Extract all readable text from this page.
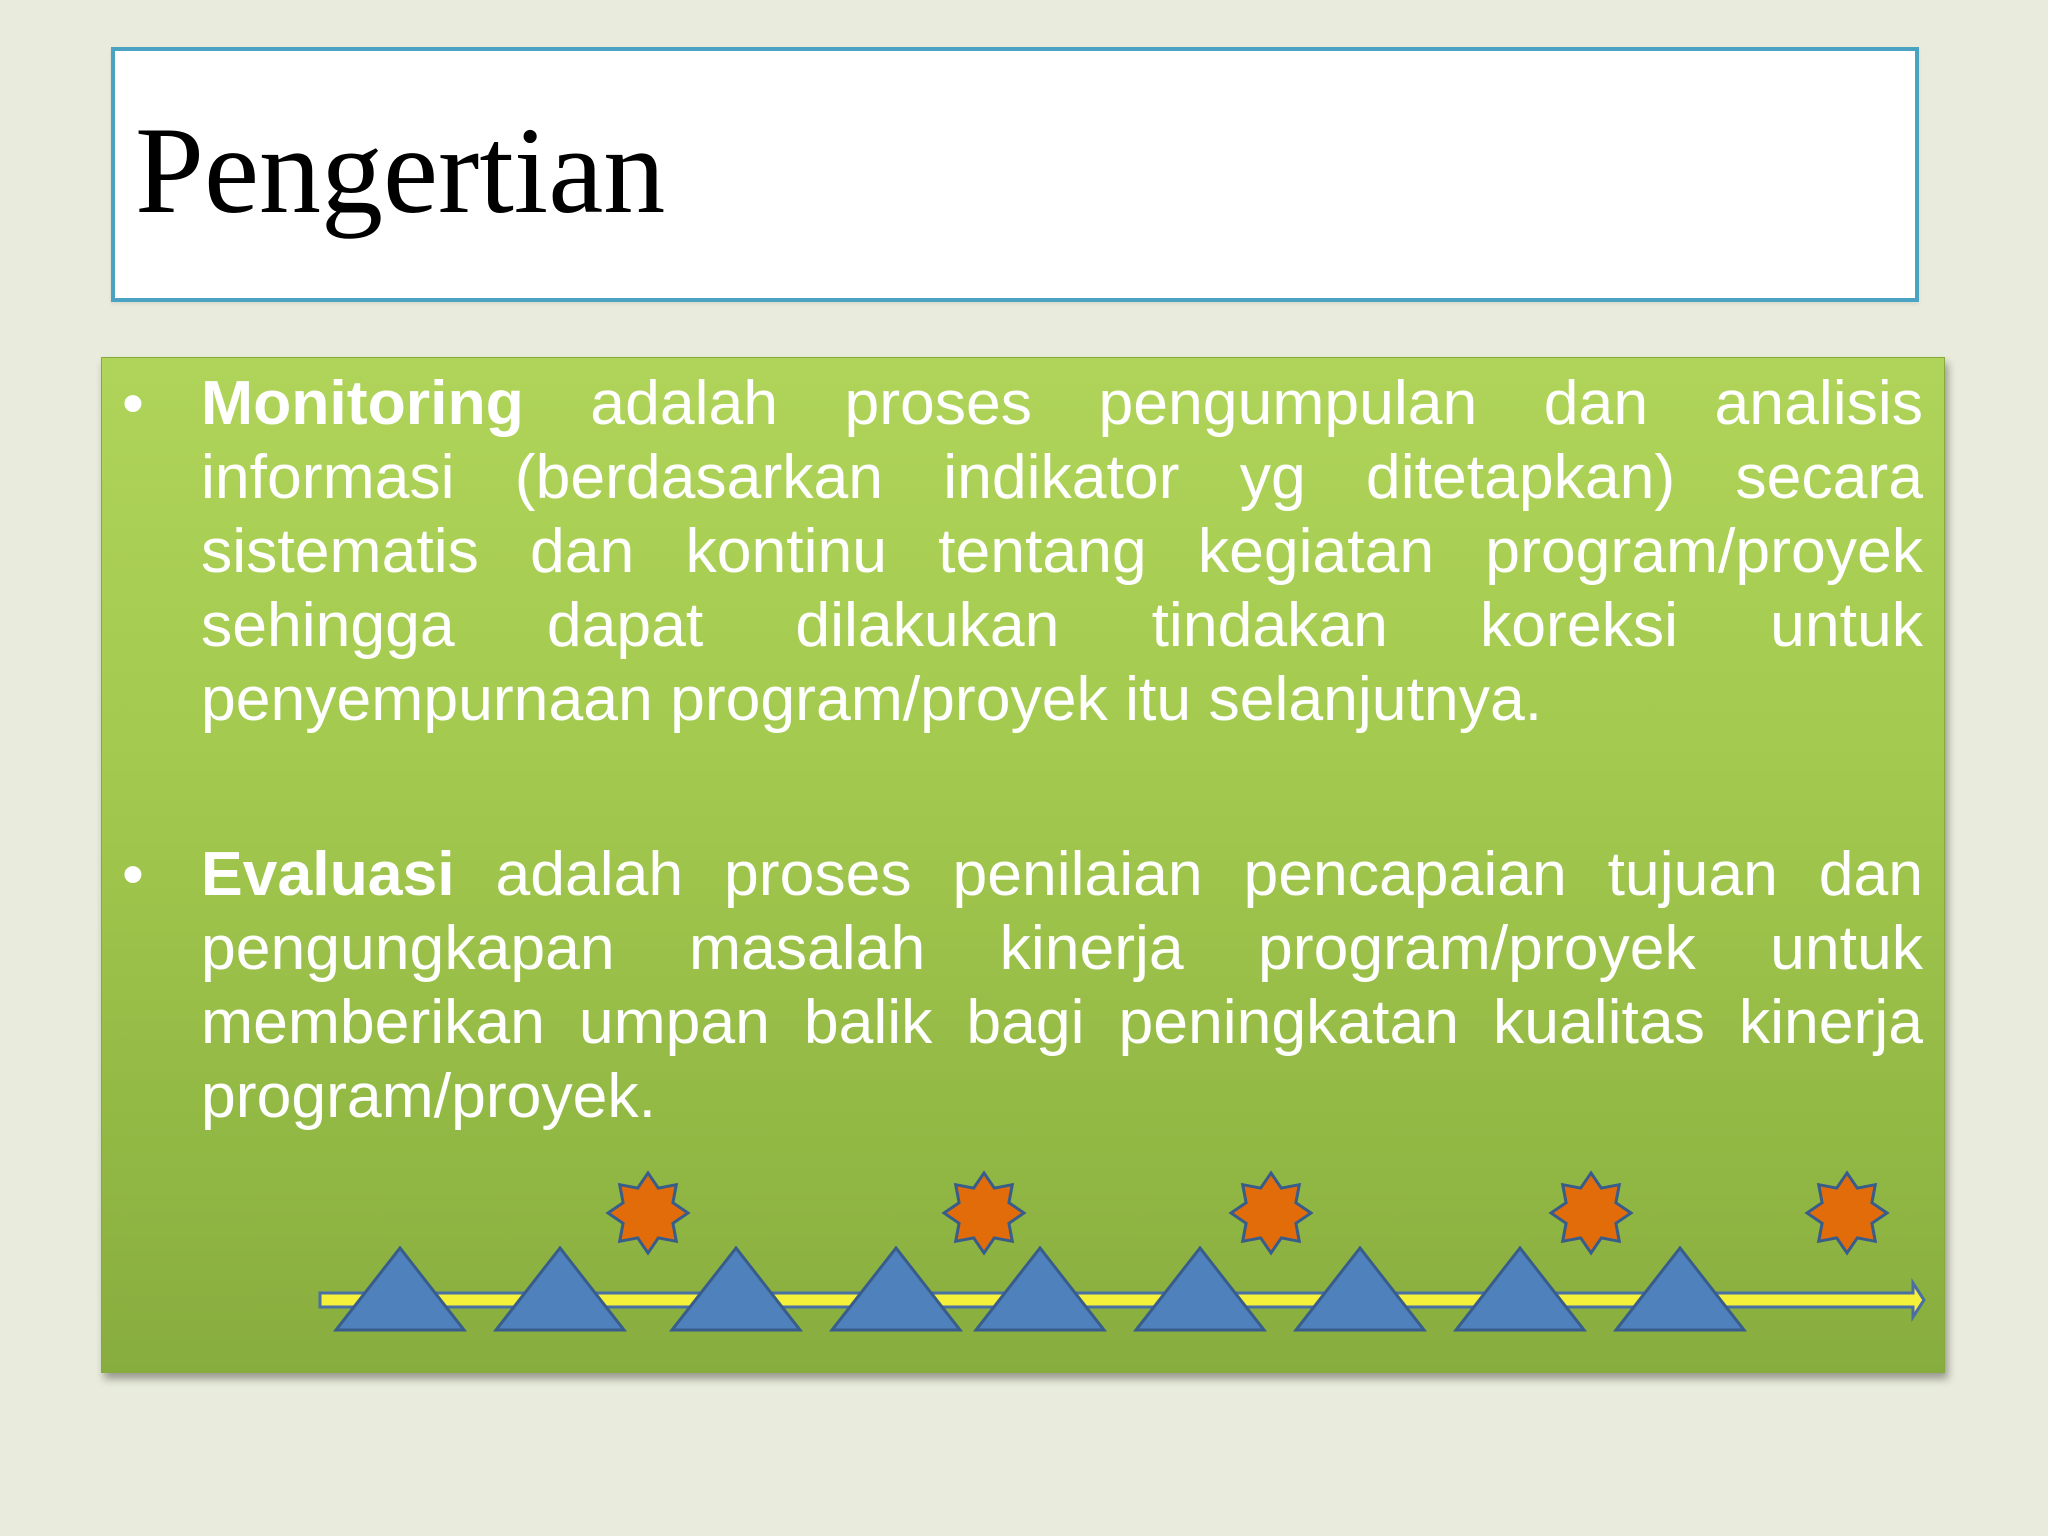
Pengertian
• Monitoring adalah proses pengumpulan dan analisis informasi (berdasarkan indikator yg ditetapkan) secara sistematis dan kontinu tentang kegiatan program/proyek sehingga dapat dilakukan tindakan koreksi untuk penyempurnaan program/proyek itu selanjutnya.
• Evaluasi adalah proses penilaian pencapaian tujuan dan pengungkapan masalah kinerja program/proyek untuk memberikan umpan balik bagi peningkatan kualitas kinerja program/proyek.
